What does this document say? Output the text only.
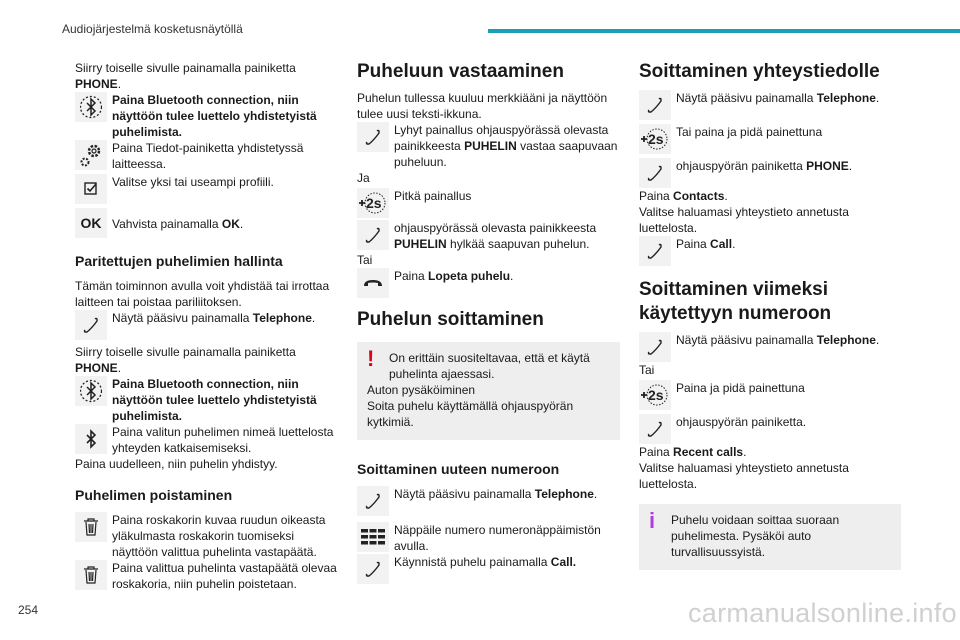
Audiojärjestelmä kosketusnäytöllä

Siirry toiselle sivulle painamalla painiketta
PHONE.

Paina Bluetooth connection, niin näyttöön tulee luettelo yhdistetyistä puhelimista.
Paina Tiedot-painiketta yhdistetyssä laitteessa.
Valitse yksi tai useampi profiili.
OK Vahvista painamalla OK.
Paritettujen puhelimien hallinta

Tämän toiminnon avulla voit yhdistää tai irrottaa laitteen tai poistaa pariliitoksen.

Näytä pääsivu painamalla Telephone.

Siirry toiselle sivulle painamalla painiketta
PHONE.

Paina Bluetooth connection, niin näyttöön tulee luettelo yhdistetyistä puhelimista.
Paina valitun puhelimen nimeä luettelosta yhteyden katkaisemiseksi.

Paina uudelleen, niin puhelin yhdistyy.

Puhelimen poistaminen
Paina roskakorin kuvaa ruudun oikeasta yläkulmasta roskakorin tuomiseksi näyttöön valittua puhelinta vastapäätä.
Paina valittua puhelinta vastapäätä olevaa roskakoria, niin puhelin poistetaan.
Puheluun vastaaminen

Puhelun tullessa kuuluu merkkiääni ja näyttöön tulee uusi teksti-ikkuna.

Lyhyt painallus ohjauspyörässä olevasta painikkeesta PUHELIN vastaa saapuvaan puheluun.

Ja

2s Pitkä painallus
ohjauspyörässä olevasta painikkeesta PUHELIN hylkää saapuvan puhelun.

Tai

Paina Lopeta puhelu.
Puhelun soittaminen
! On erittäin suositeltavaa, että et käytä puhelinta ajaessasi.
Auton pysäköiminen
Soita puhelu käyttämällä ohjauspyörän kytkimiä.
Soittaminen uuteen numeroon
Näytä pääsivu painamalla Telephone.
Näppäile numero numeronäppäimistön avulla.
Käynnistä puhelu painamalla Call.
Soittaminen yhteystiedolle
Näytä pääsivu painamalla Telephone.
2s Tai paina ja pidä painettuna
ohjauspyörän painiketta PHONE.

Paina Contacts.

Valitse haluamasi yhteystieto annetusta luettelosta.

Paina Call.
Soittaminen viimeksi käytettyyn numeroon
Näytä pääsivu painamalla Telephone.

Tai

2s Paina ja pidä painettuna
ohjauspyörän painiketta.

Paina Recent calls.

Valitse haluamasi yhteystieto annetusta luettelosta.

i Puhelu voidaan soittaa suoraan puhelimesta. Pysäköi auto turvallisuussyistä.
254	carmanualsonline.info
